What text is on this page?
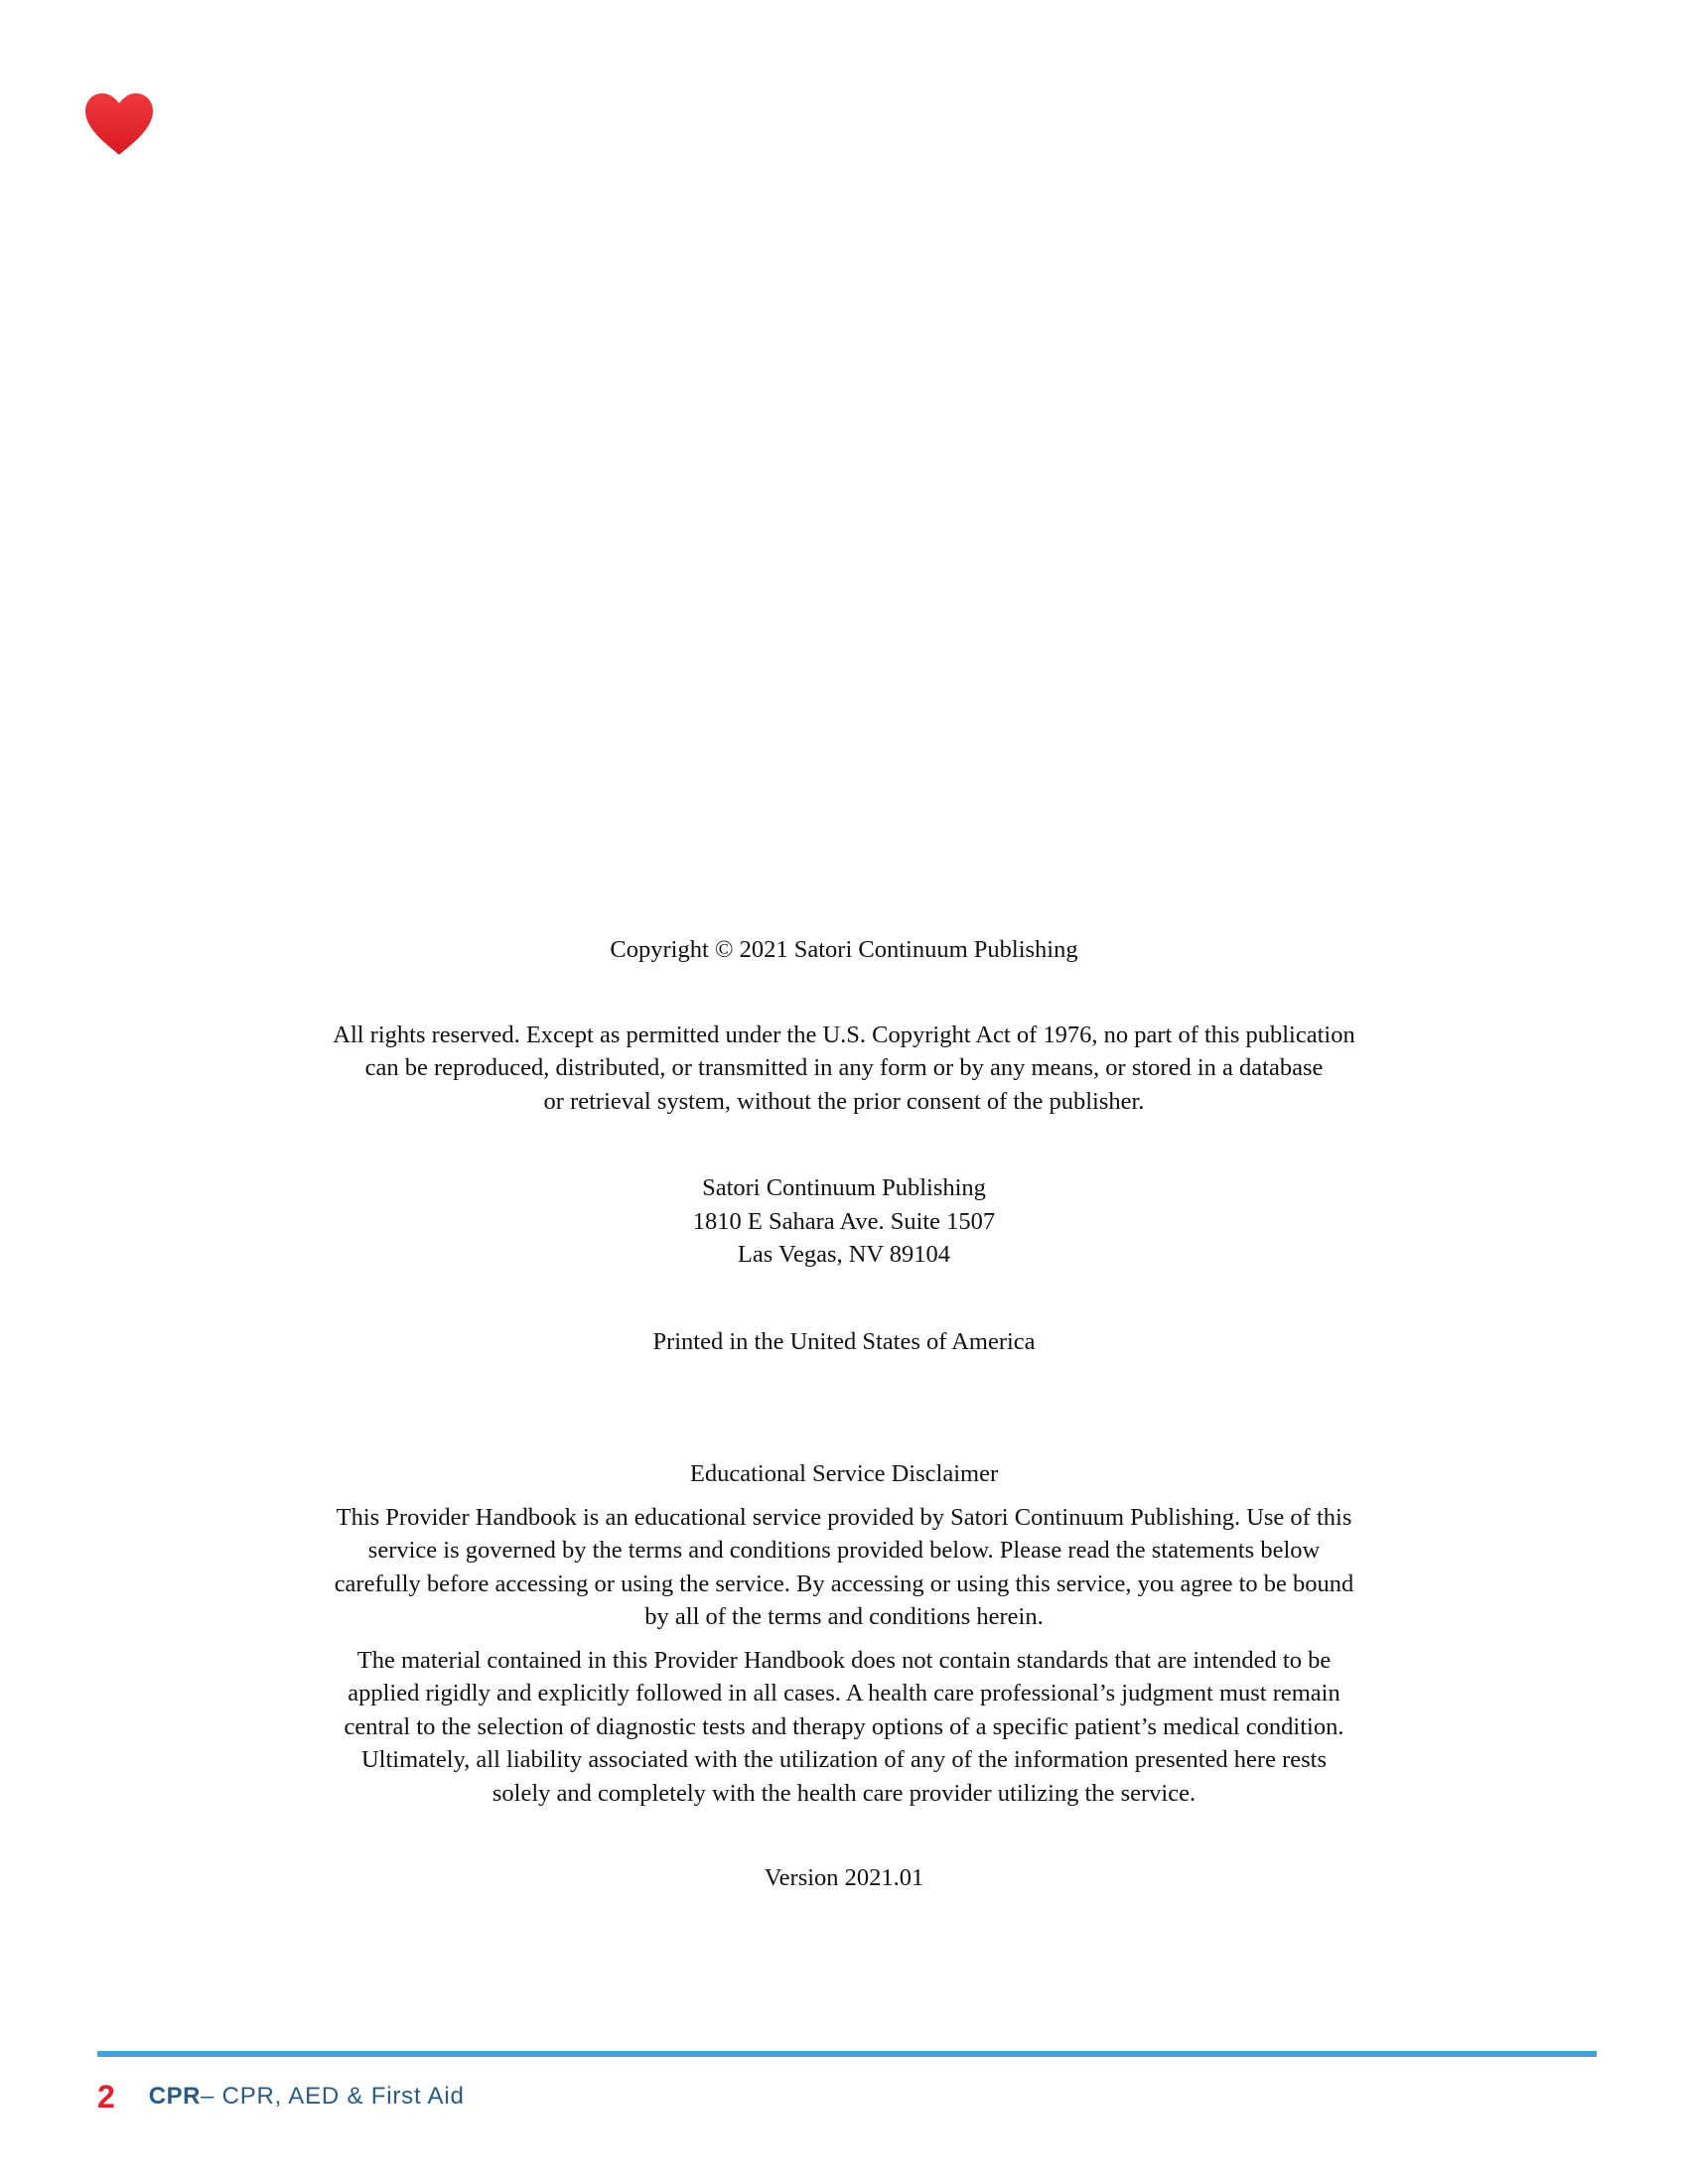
Copyright © 2021 Satori Continuum Publishing

All rights reserved. Except as permitted under the U.S. Copyright Act of 1976, no part of this publication

can be reproduced, distributed, or transmitted in any form or by any means, or stored in a database

or retrieval system, without the prior consent of the publisher.

Satori Continuum Publishing

1810 E Sahara Ave. Suite 1507

Las Vegas, NV 89104

Printed in the United States of America

Educational Service Disclaimer

This Provider Handbook is an educational service provided by Satori Continuum Publishing. Use of this

service is governed by the terms and conditions provided below. Please read the statements below

carefully before accessing or using the service. By accessing or using this service, you agree to be bound

by all of the terms and conditions herein.

The material contained in this Provider Handbook does not contain standards that are intended to be

applied rigidly and explicitly followed in all cases. A health care professional’s judgment must remain

central to the selection of diagnostic tests and therapy options of a specific patient’s medical condition.

Ultimately, all liability associated with the utilization of any of the information presented here rests

solely and completely with the health care provider utilizing the service.

Version 2021.01

2 CPR – CPR, AED & First Aid
